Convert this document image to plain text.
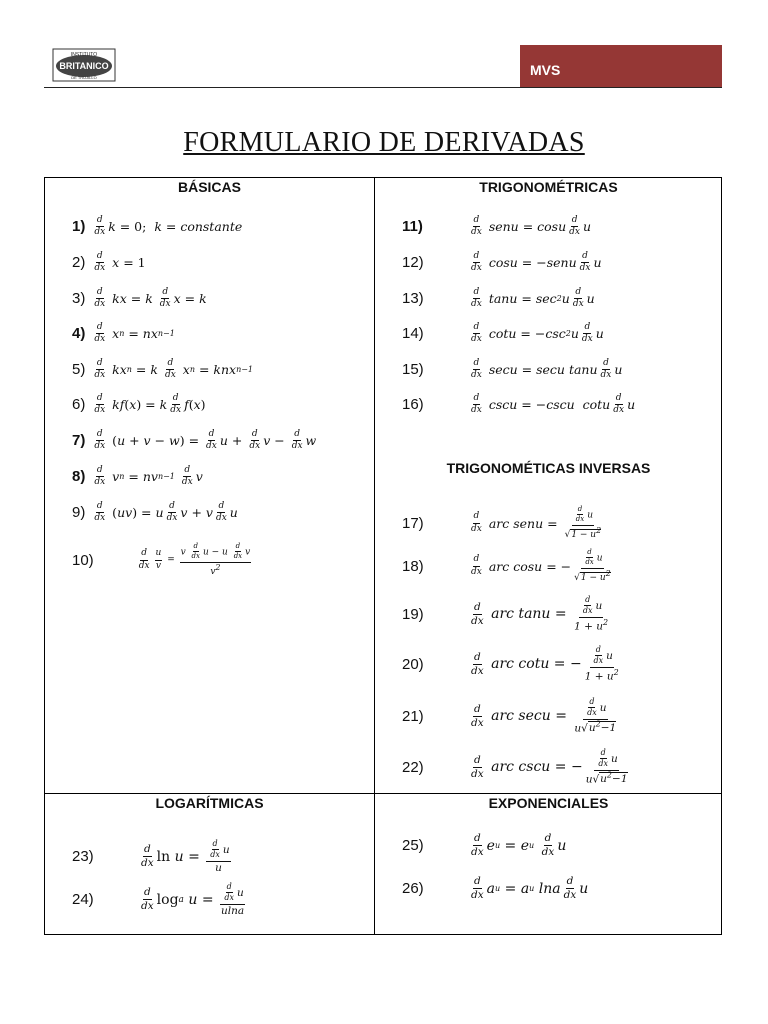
INSTITUTO
BRITANICO
DE TRUJILLO	MVS
FORMULARIO DE DERIVADAS
BÁSICAS	TRIGONOMÉTRICAS
TRIGONOMÉTICAS INVERSAS
LOGARÍTMICAS	EXPONENCIALES
$1) \frac{d}{dx}$ k = 0; k = constante
$2) \frac{d}{dx}$ x = 1
$3) \frac{d}{dx}$ kx = k $\frac{d}{dx}$ x = k
$4) \frac{d}{dx}$ x n = nx n−1
$5) \frac{d}{dx}$ kx n = k $\frac{d}{dx}$ x n = knx n−1
$6) \frac{d}{dx}$ kf ( x ) = k $\frac{d}{dx}$ f ( x )
$7) \frac{d}{dx}$
( u + v − w ) = $\frac{d}{dx}$ $u + \frac{d}{dx}$ $v - \frac{d}{dx}$ w
$8) \frac{d}{dx}$ v n = nv n−1
$\frac{d}{dx}$ v
$9) \frac{d}{dx}$
( uv ) = u $\frac{d}{dx}$ v + v $\frac{d}{dx}$ u
10)	$\frac{d}{dx} \frac{u}{v} = \frac{v \frac{d}{dx} u - u \frac{d}{dx} v}{v^2}$
11)	$\frac{d}{dx}$ senu = cosu $\frac{d}{dx}$ u
12)	$\frac{d}{dx}$ cosu = − senu $\frac{d}{dx}$ u
13)	$\frac{d}{dx}$ tanu = sec 2 u $\frac{d}{dx}$ u
14)	$\frac{d}{dx}$ cotu = − csc 2 u $\frac{d}{dx}$ u
15)	$\frac{d}{dx}$ secu = secu tanu $\frac{d}{dx}$ u
16)	$\frac{d}{dx}$ cscu = − cscu  cotu $\frac{d}{dx}$ u
17)	$\frac{d}{dx}$ arc senu = $\frac{\frac{d}{dx} u}{√1 - u^2}$
18)	$\frac{d}{dx}$ arc cosu = − $\frac{\frac{d}{dx} u}{√1 - u^2}$
19)	$\frac{d}{dx}$ arc $\tan u = \frac{\frac{d}{dx} u}{1 + u^2}$
20)	$\frac{d}{dx}$ arc cotu = − $\frac{\frac{d}{dx} u}{1 + u^2}$
21)	$\frac{d}{dx}$ arc $\sec u = \frac{\frac{d}{dx} u}{u√u^2-1}$
22)	$\frac{d}{dx}$ arc cscu = − $\frac{\frac{d}{dx} u}{u√u^2-1}$
23)	$\frac{d}{dx}$ $\ln u = \frac{\frac{d}{dx} u}{u}$
24)	$\frac{d}{dx}$ log a $u = \frac{\frac{d}{dx} u}{ulna}$
25)	$\frac{d}{dx}$ e u = e u
$\frac{d}{dx}$ u
26)	$\frac{d}{dx}$ a u = a u lna $\frac{d}{dx}$ u
